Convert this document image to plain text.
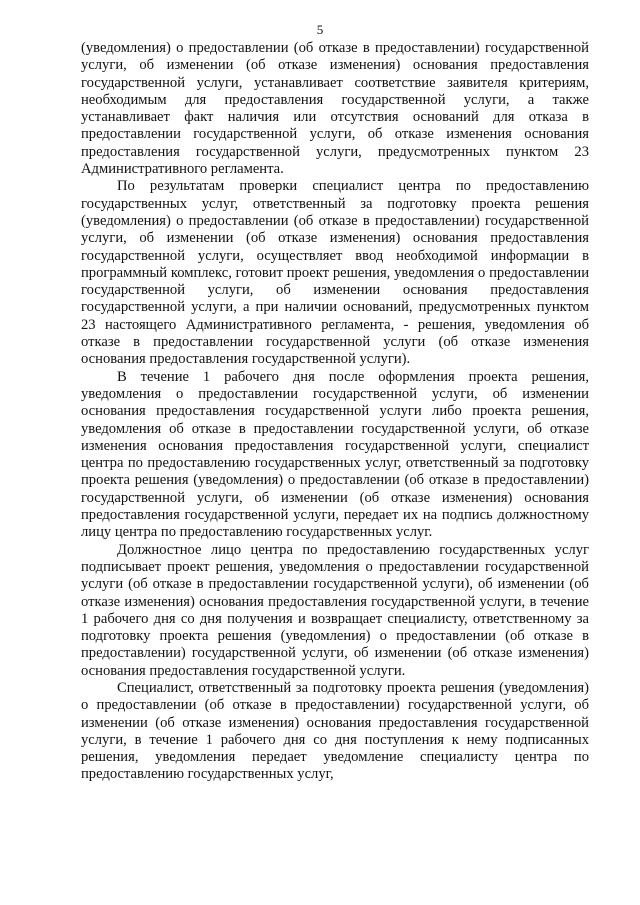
5

(уведомления) о предоставлении (об отказе в предоставлении) государственной услуги, об изменении (об отказе изменения) основания предоставления государственной услуги, устанавливает соответствие заявителя критериям, необходимым для предоставления государственной услуги, а также устанавливает факт наличия или отсутствия оснований для отказа в предоставлении государственной услуги, об отказе изменения основания предоставления государственной услуги, предусмотренных пунктом 23 Административного регламента.

По результатам проверки специалист центра по предоставлению государственных услуг, ответственный за подготовку проекта решения (уведомления) о предоставлении (об отказе в предоставлении) государственной услуги, об изменении (об отказе изменения) основания предоставления государственной услуги, осуществляет ввод необходимой информации в программный комплекс, готовит проект решения, уведомления о предоставлении государственной услуги, об изменении основания предоставления государственной услуги, а при наличии оснований, предусмотренных пунктом 23 настоящего Административного регламента, - решения, уведомления об отказе в предоставлении государственной услуги (об отказе изменения основания предоставления государственной услуги).

В течение 1 рабочего дня после оформления проекта решения, уведомления о предоставлении государственной услуги, об изменении основания предоставления государственной услуги либо проекта решения, уведомления об отказе в предоставлении государственной услуги, об отказе изменения основания предоставления государственной услуги, специалист центра по предоставлению государственных услуг, ответственный за подготовку проекта решения (уведомления) о предоставлении (об отказе в предоставлении) государственной услуги, об изменении (об отказе изменения) основания предоставления государственной услуги, передает их на подпись должностному лицу центра по предоставлению государственных услуг.

Должностное лицо центра по предоставлению государственных услуг подписывает проект решения, уведомления о предоставлении государственной услуги (об отказе в предоставлении государственной услуги), об изменении (об отказе изменения) основания предоставления государственной услуги, в течение 1 рабочего дня со дня получения и возвращает специалисту, ответственному за подготовку проекта решения (уведомления) о предоставлении (об отказе в предоставлении) государственной услуги, об изменении (об отказе изменения) основания предоставления государственной услуги.

Специалист, ответственный за подготовку проекта решения (уведомления) о предоставлении (об отказе в предоставлении) государственной услуги, об изменении (об отказе изменения) основания предоставления государственной услуги, в течение 1 рабочего дня со дня поступления к нему подписанных решения, уведомления передает уведомление специалисту центра по предоставлению государственных услуг,
